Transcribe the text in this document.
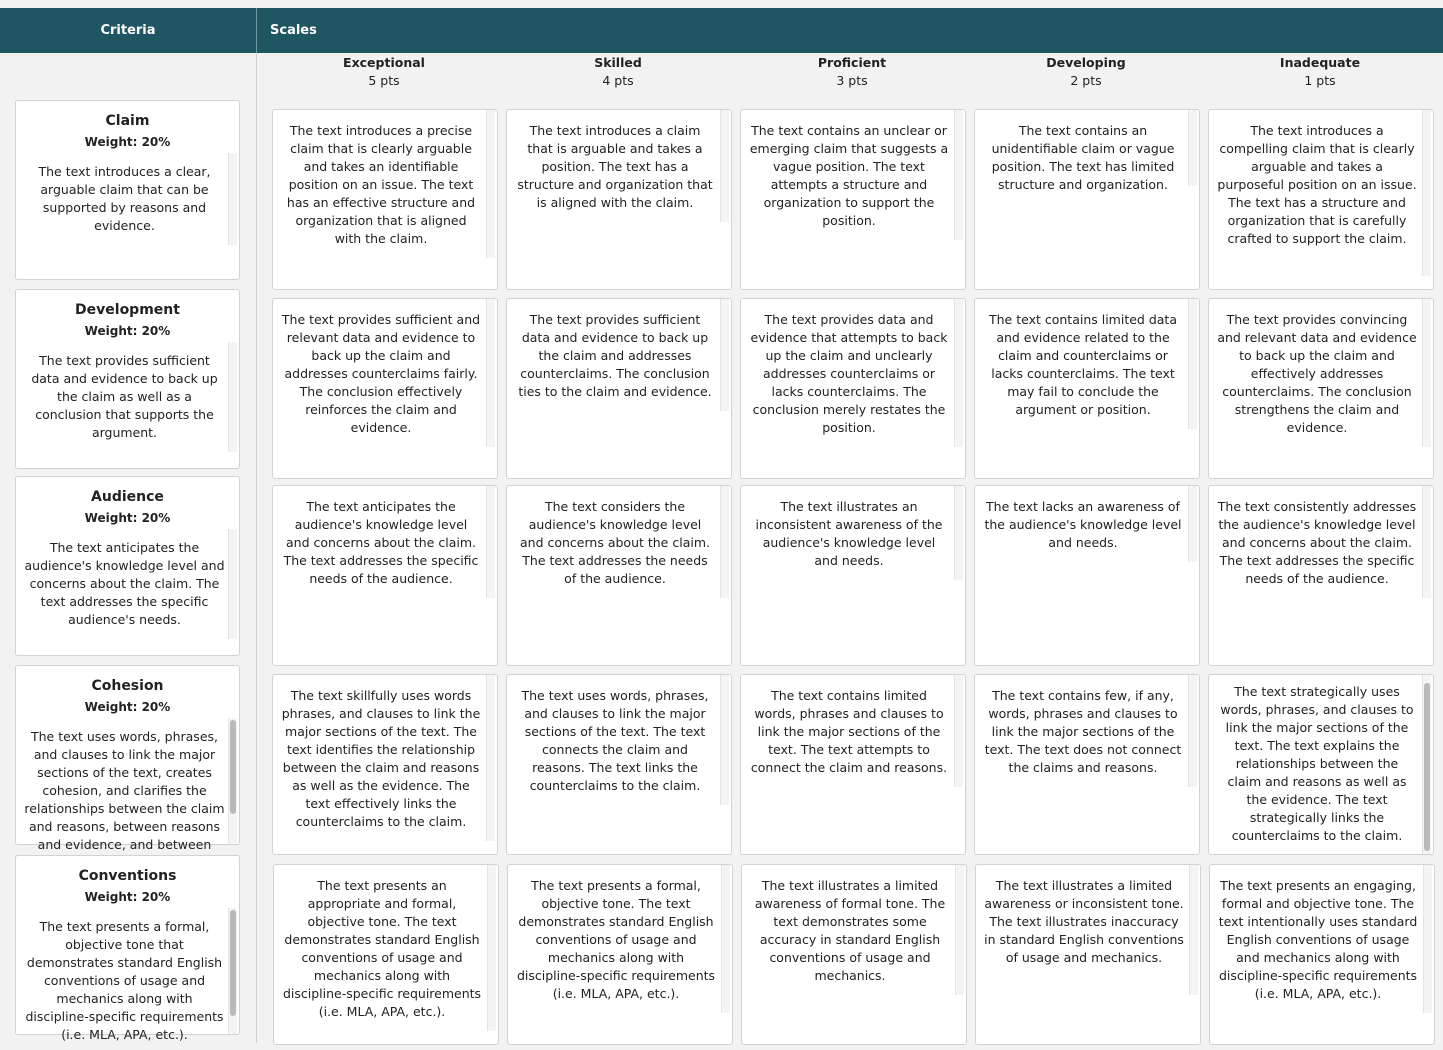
Criteria	Scales
Exceptional
5 pts
Skilled
4 pts
Proficient
3 pts
Developing
2 pts
Inadequate
1 pts
Claim
Weight: 20%
The text introduces a clear, arguable claim that can be supported by reasons and evidence.
The text introduces a precise claim that is clearly arguable and takes an identifiable position on an issue. The text has an effective structure and organization that is aligned with the claim.
The text introduces a claim that is arguable and takes a position. The text has a structure and organization that is aligned with the claim.
The text contains an unclear or emerging claim that suggests a vague position. The text attempts a structure and organization to support the position.
The text contains an unidentifiable claim or vague position. The text has limited structure and organization.
The text introduces a compelling claim that is clearly arguable and takes a purposeful position on an issue. The text has a structure and organization that is carefully crafted to support the claim.
Development
Weight: 20%
The text provides sufficient data and evidence to back up the claim as well as a conclusion that supports the argument.
The text provides sufficient and relevant data and evidence to back up the claim and addresses counterclaims fairly. The conclusion effectively reinforces the claim and evidence.
The text provides sufficient data and evidence to back up the claim and addresses counterclaims. The conclusion ties to the claim and evidence.
The text provides data and evidence that attempts to back up the claim and unclearly addresses counterclaims or lacks counterclaims. The conclusion merely restates the position.
The text contains limited data and evidence related to the claim and counterclaims or lacks counterclaims. The text may fail to conclude the argument or position.
The text provides convincing and relevant data and evidence to back up the claim and effectively addresses counterclaims. The conclusion strengthens the claim and evidence.
Audience
Weight: 20%
The text anticipates the audience's knowledge level and concerns about the claim. The text addresses the specific audience's needs.
The text anticipates the audience's knowledge level and concerns about the claim. The text addresses the specific needs of the audience.
The text considers the audience's knowledge level and concerns about the claim. The text addresses the needs of the audience.
The text illustrates an inconsistent awareness of the audience's knowledge level and needs.
The text lacks an awareness of the audience's knowledge level and needs.
The text consistently addresses the audience's knowledge level and concerns about the claim. The text addresses the specific needs of the audience.
Cohesion
Weight: 20%
The text uses words, phrases, and clauses to link the major sections of the text, creates cohesion, and clarifies the relationships between the claim and reasons, between reasons and evidence, and between
The text skillfully uses words phrases, and clauses to link the major sections of the text. The text identifies the relationship between the claim and reasons as well as the evidence. The text effectively links the counterclaims to the claim.
The text uses words, phrases, and clauses to link the major sections of the text. The text connects the claim and reasons. The text links the counterclaims to the claim.
The text contains limited words, phrases and clauses to link the major sections of the text. The text attempts to connect the claim and reasons.
The text contains few, if any, words, phrases and clauses to link the major sections of the text. The text does not connect the claims and reasons.
The text strategically uses words, phrases, and clauses to link the major sections of the text. The text explains the relationships between the claim and reasons as well as the evidence. The text strategically links the counterclaims to the claim.
Conventions
Weight: 20%
The text presents a formal, objective tone that demonstrates standard English conventions of usage and mechanics along with discipline-specific requirements (i.e. MLA, APA, etc.).
The text presents an appropriate and formal, objective tone. The text demonstrates standard English conventions of usage and mechanics along with discipline-specific requirements (i.e. MLA, APA, etc.).
The text presents a formal, objective tone. The text demonstrates standard English conventions of usage and mechanics along with discipline-specific requirements (i.e. MLA, APA, etc.).
The text illustrates a limited awareness of formal tone. The text demonstrates some accuracy in standard English conventions of usage and mechanics.
The text illustrates a limited awareness or inconsistent tone. The text illustrates inaccuracy in standard English conventions of usage and mechanics.
The text presents an engaging, formal and objective tone. The text intentionally uses standard English conventions of usage and mechanics along with discipline-specific requirements (i.e. MLA, APA, etc.).
